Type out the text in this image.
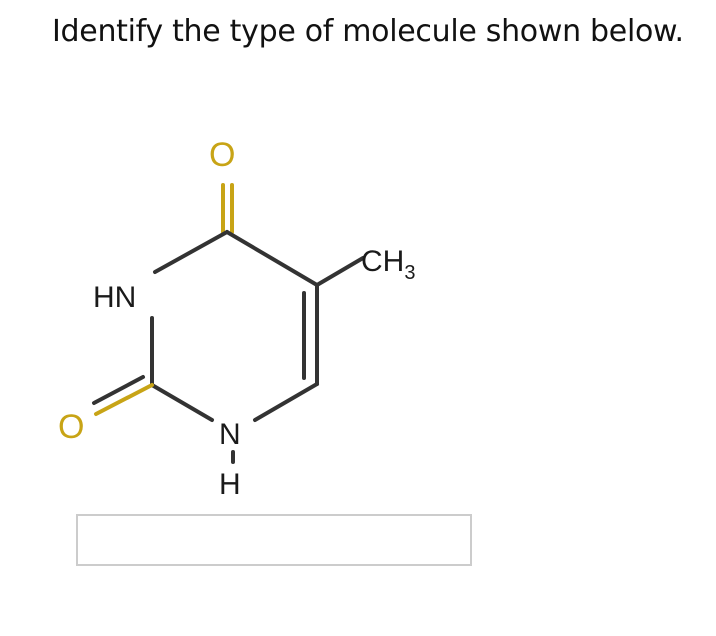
Identify the type of molecule shown below.
O
$CH_3$
HN
O	N
H
